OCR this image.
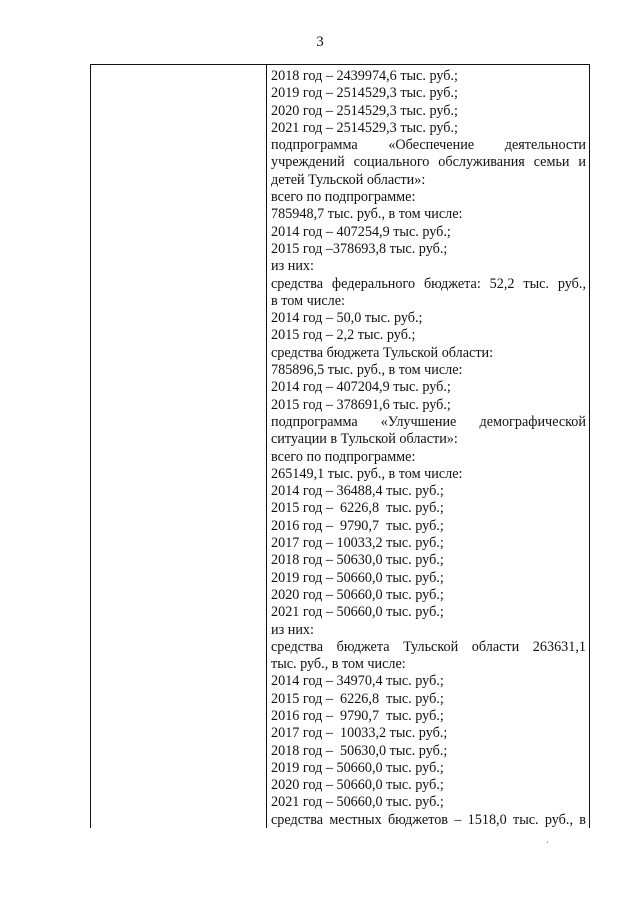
3
2018 год – 2439974,6 тыс. руб.;
2019 год – 2514529,3 тыс. руб.;
2020 год – 2514529,3 тыс. руб.;
2021 год – 2514529,3 тыс. руб.;
подпрограмма «Обеспечение деятельности
учреждений социального обслуживания семьи и
детей Тульской области»:
всего по подпрограмме:
785948,7 тыс. руб., в том числе:
2014 год – 407254,9 тыс. руб.;
2015 год –378693,8 тыс. руб.;
из них:
средства федерального бюджета: 52,2 тыс. руб.,
в том числе:
2014 год – 50,0 тыс. руб.;
2015 год – 2,2 тыс. руб.;
средства бюджета Тульской области:
785896,5 тыс. руб., в том числе:
2014 год – 407204,9 тыс. руб.;
2015 год – 378691,6 тыс. руб.;
подпрограмма «Улучшение демографической
ситуации в Тульской области»:
всего по подпрограмме:
265149,1 тыс. руб., в том числе:
2014 год – 36488,4 тыс. руб.;
2015 год –  6226,8  тыс. руб.;
2016 год –  9790,7  тыс. руб.;
2017 год – 10033,2 тыс. руб.;
2018 год – 50630,0 тыс. руб.;
2019 год – 50660,0 тыс. руб.;
2020 год – 50660,0 тыс. руб.;
2021 год – 50660,0 тыс. руб.;
из них:
средства бюджета Тульской области 263631,1
тыс. руб., в том числе:
2014 год – 34970,4 тыс. руб.;
2015 год –  6226,8  тыс. руб.;
2016 год –  9790,7  тыс. руб.;
2017 год –  10033,2 тыс. руб.;
2018 год –  50630,0 тыс. руб.;
2019 год – 50660,0 тыс. руб.;
2020 год – 50660,0 тыс. руб.;
2021 год – 50660,0 тыс. руб.;
средства местных бюджетов – 1518,0 тыс. руб., в
·
